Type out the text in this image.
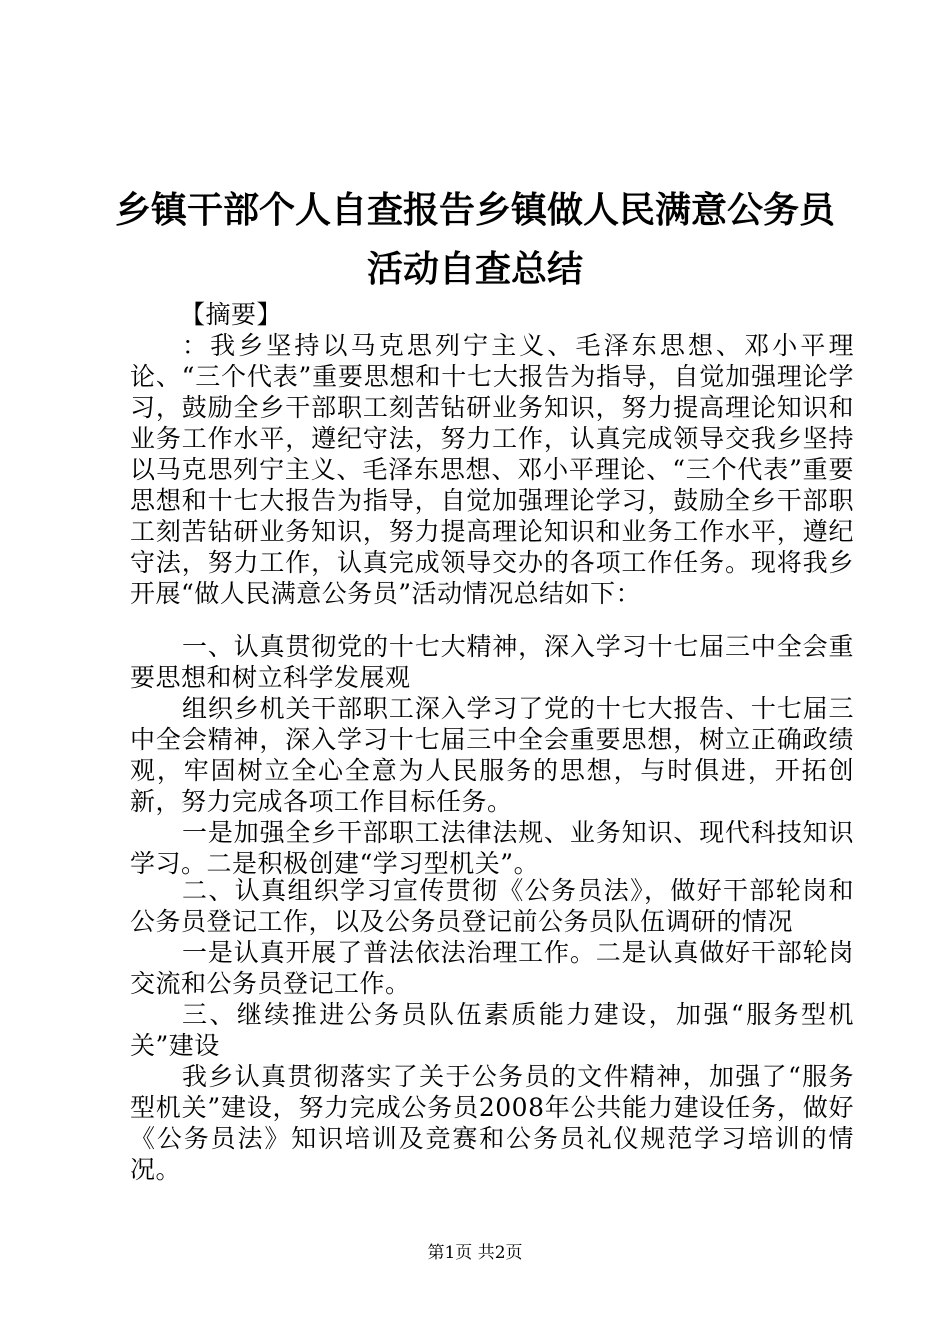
乡镇干部个人自查报告乡镇做人民满意公务员
活动自查总结

【摘要】

：我乡坚持以马克思列宁主义、毛泽东思想、邓小平理论、“三个代表”重要思想和十七大报告为指导，自觉加强理论学习，鼓励全乡干部职工刻苦钻研业务知识，努力提高理论知识和业务工作水平，遵纪守法，努力工作，认真完成领导交我乡坚持以马克思列宁主义、毛泽东思想、邓小平理论、“三个代表”重要思想和十七大报告为指导，自觉加强理论学习，鼓励全乡干部职工刻苦钻研业务知识，努力提高理论知识和业务工作水平，遵纪守法，努力工作，认真完成领导交办的各项工作任务。现将我乡开展“做人民满意公务员”活动情况总结如下：

一、认真贯彻党的十七大精神，深入学习十七届三中全会重要思想和树立科学发展观

组织乡机关干部职工深入学习了党的十七大报告、十七届三中全会精神，深入学习十七届三中全会重要思想，树立正确政绩观，牢固树立全心全意为人民服务的思想，与时俱进，开拓创新，努力完成各项工作目标任务。

一是加强全乡干部职工法律法规、业务知识、现代科技知识学习。二是积极创建“学习型机关”。

二、认真组织学习宣传贯彻《公务员法》，做好干部轮岗和公务员登记工作，以及公务员登记前公务员队伍调研的情况

一是认真开展了普法依法治理工作。二是认真做好干部轮岗交流和公务员登记工作。

三、继续推进公务员队伍素质能力建设，加强“服务型机关”建设

我乡认真贯彻落实了关于公务员的文件精神，加强了“服务型机关”建设，努力完成公务员2008年公共能力建设任务，做好《公务员法》知识培训及竞赛和公务员礼仪规范学习培训的情况。

第1页 共2页
